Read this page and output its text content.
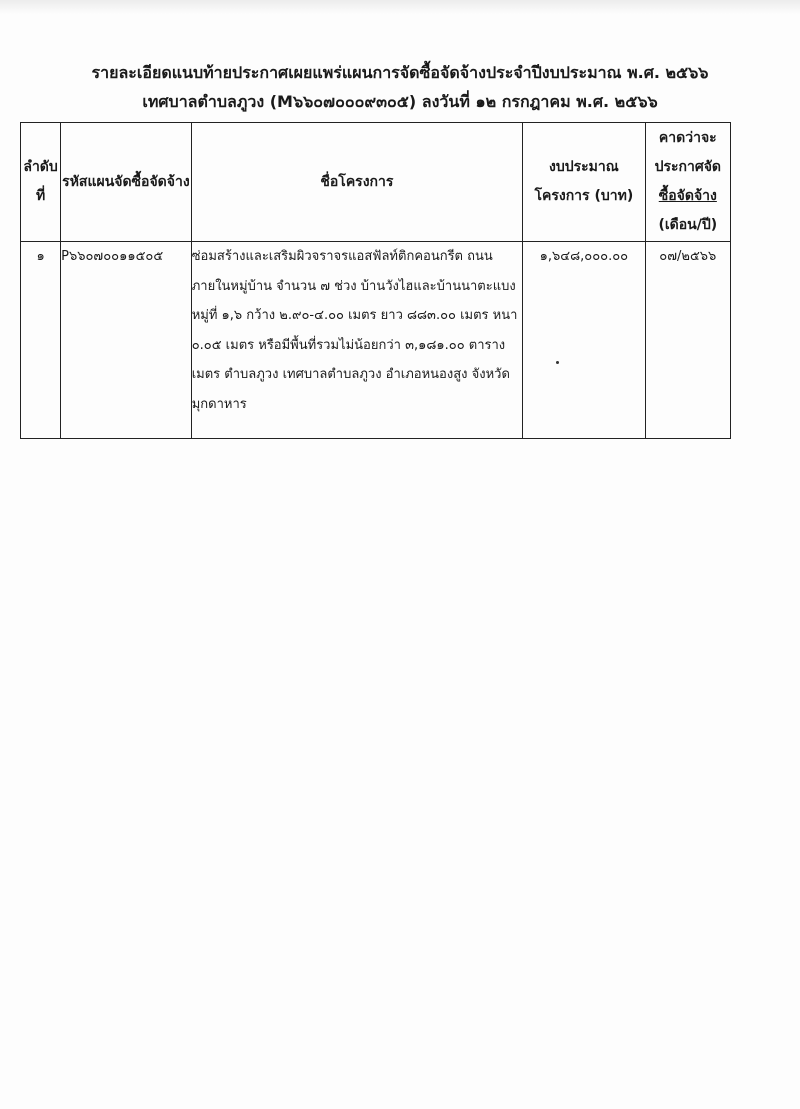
รายละเอียดแนบท้ายประกาศเผยแพร่แผนการจัดซื้อจัดจ้างประจำปีงบประมาณ พ.ศ. ๒๕๖๖
เทศบาลตำบลภูวง (M๖๖๐๗๐๐๐๙๓๐๕) ลงวันที่ ๑๒ กรกฎาคม พ.ศ. ๒๕๖๖
ลำดับที่	รหัสแผนจัดซื้อจัดจ้าง	ชื่อโครงการ	งบประมาณโครงการ (บาท)	คาดว่าจะประกาศจัด
ซื้อจัดจ้าง
(เดือน/ปี)

๑	P๖๖๐๗๐๐๑๑๕๐๕	ซ่อมสร้างและเสริมผิวจราจรแอสฟัลท์ติกคอนกรีต ถนนภายในหมู่บ้าน จำนวน ๗ ช่วง บ้านวังไฮและบ้านนาตะแบง หมู่ที่ ๑,๖ กว้าง ๒.๙๐-๔.๐๐ เมตร ยาว ๘๘๓.๐๐ เมตร หนา ๐.๐๕ เมตร หรือมีพื้นที่รวมไม่น้อยกว่า ๓,๑๘๑.๐๐ ตารางเมตร ตำบลภูวง เทศบาลตำบลภูวง อำเภอหนองสูง จังหวัดมุกดาหาร	๑,๖๔๘,๐๐๐.๐๐	๐๗/๒๕๖๖
